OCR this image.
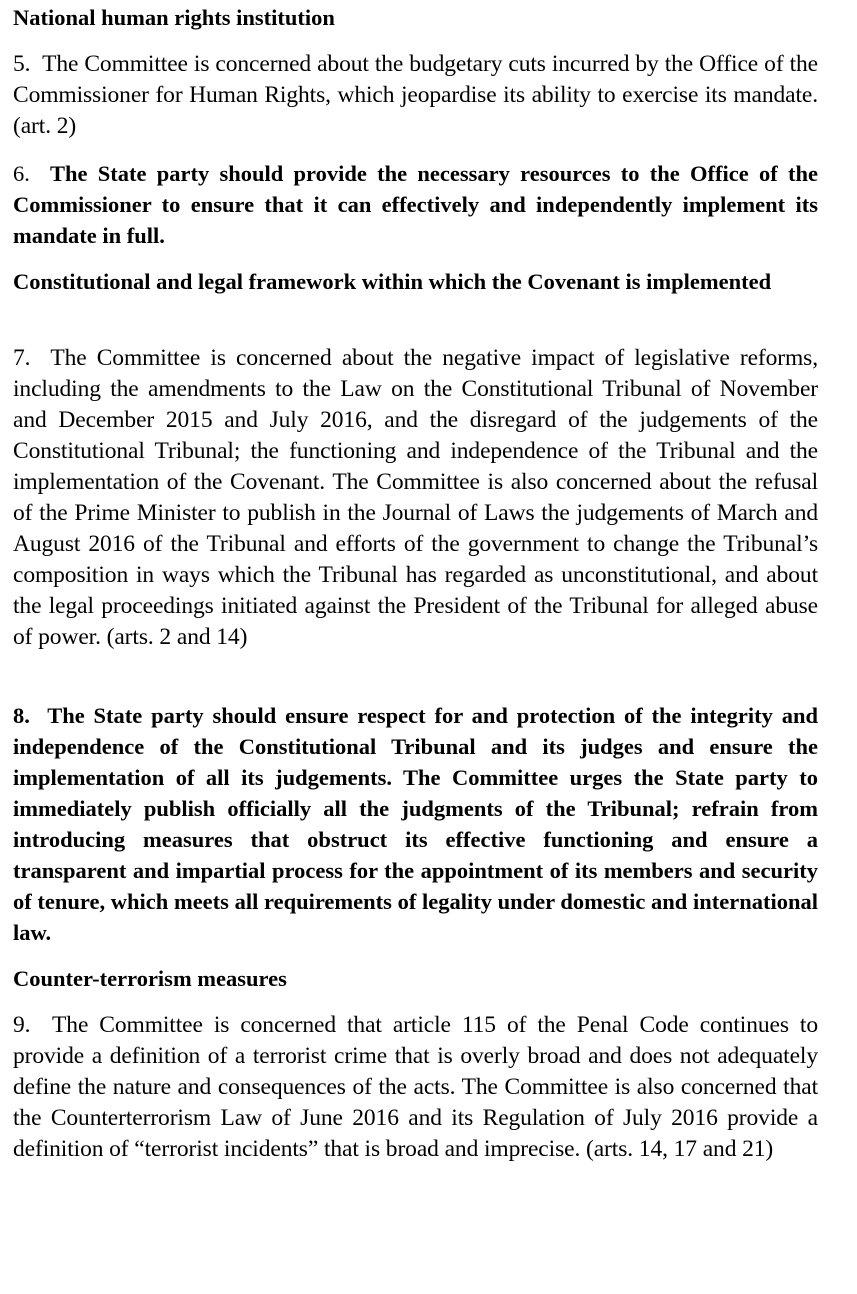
National human rights institution

5. The Committee is concerned about the budgetary cuts incurred by the Office of the Commissioner for Human Rights, which jeopardise its ability to exercise its mandate. (art. 2)

6. The State party should provide the necessary resources to the Office of the Commissioner to ensure that it can effectively and independently implement its mandate in full.

Constitutional and legal framework within which the Covenant is implemented

7. The Committee is concerned about the negative impact of legislative reforms, including the amendments to the Law on the Constitutional Tribunal of November and December 2015 and July 2016, and the disregard of the judgements of the Constitutional Tribunal; the functioning and independence of the Tribunal and the implementation of the Covenant. The Committee is also concerned about the refusal of the Prime Minister to publish in the Journal of Laws the judgements of March and August 2016 of the Tribunal and efforts of the government to change the Tribunal’s composition in ways which the Tribunal has regarded as unconstitutional, and about the legal proceedings initiated against the President of the Tribunal for alleged abuse of power. (arts. 2 and 14)

8. The State party should ensure respect for and protection of the integrity and independence of the Constitutional Tribunal and its judges and ensure the implementation of all its judgements. The Committee urges the State party to immediately publish officially all the judgments of the Tribunal; refrain from introducing measures that obstruct its effective functioning and ensure a transparent and impartial process for the appointment of its members and security of tenure, which meets all requirements of legality under domestic and international law.

Counter-terrorism measures

9. The Committee is concerned that article 115 of the Penal Code continues to provide a definition of a terrorist crime that is overly broad and does not adequately define the nature and consequences of the acts. The Committee is also concerned that the Counterterrorism Law of June 2016 and its Regulation of July 2016 provide a definition of “terrorist incidents” that is broad and imprecise. (arts. 14, 17 and 21)
